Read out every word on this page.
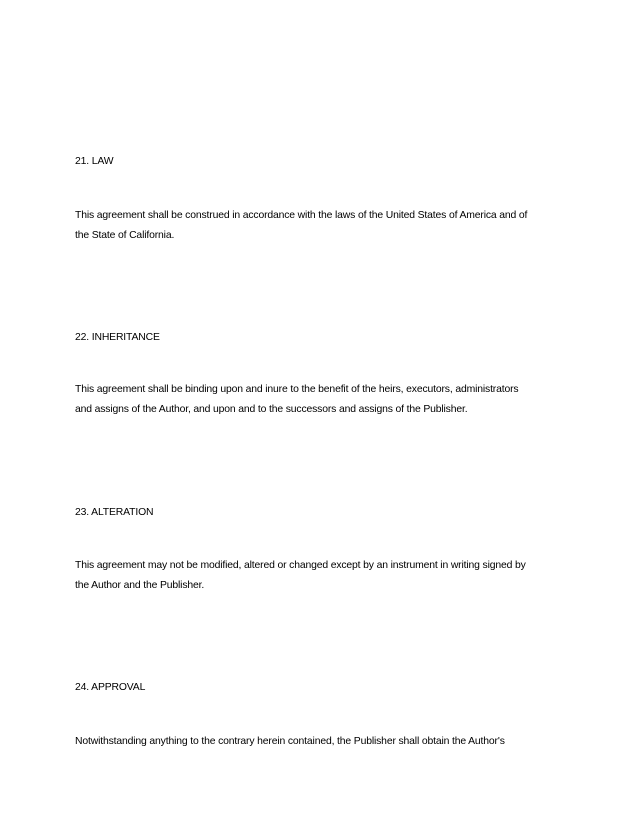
21. LAW

This agreement shall be construed in accordance with the laws of the United States of America and of
the State of California.

22. INHERITANCE

This agreement shall be binding upon and inure to the benefit of the heirs, executors, administrators
and assigns of the Author, and upon and to the successors and assigns of the Publisher.

23. ALTERATION

This agreement may not be modified, altered or changed except by an instrument in writing signed by
the Author and the Publisher.

24. APPROVAL

Notwithstanding anything to the contrary herein contained, the Publisher shall obtain the Author's
